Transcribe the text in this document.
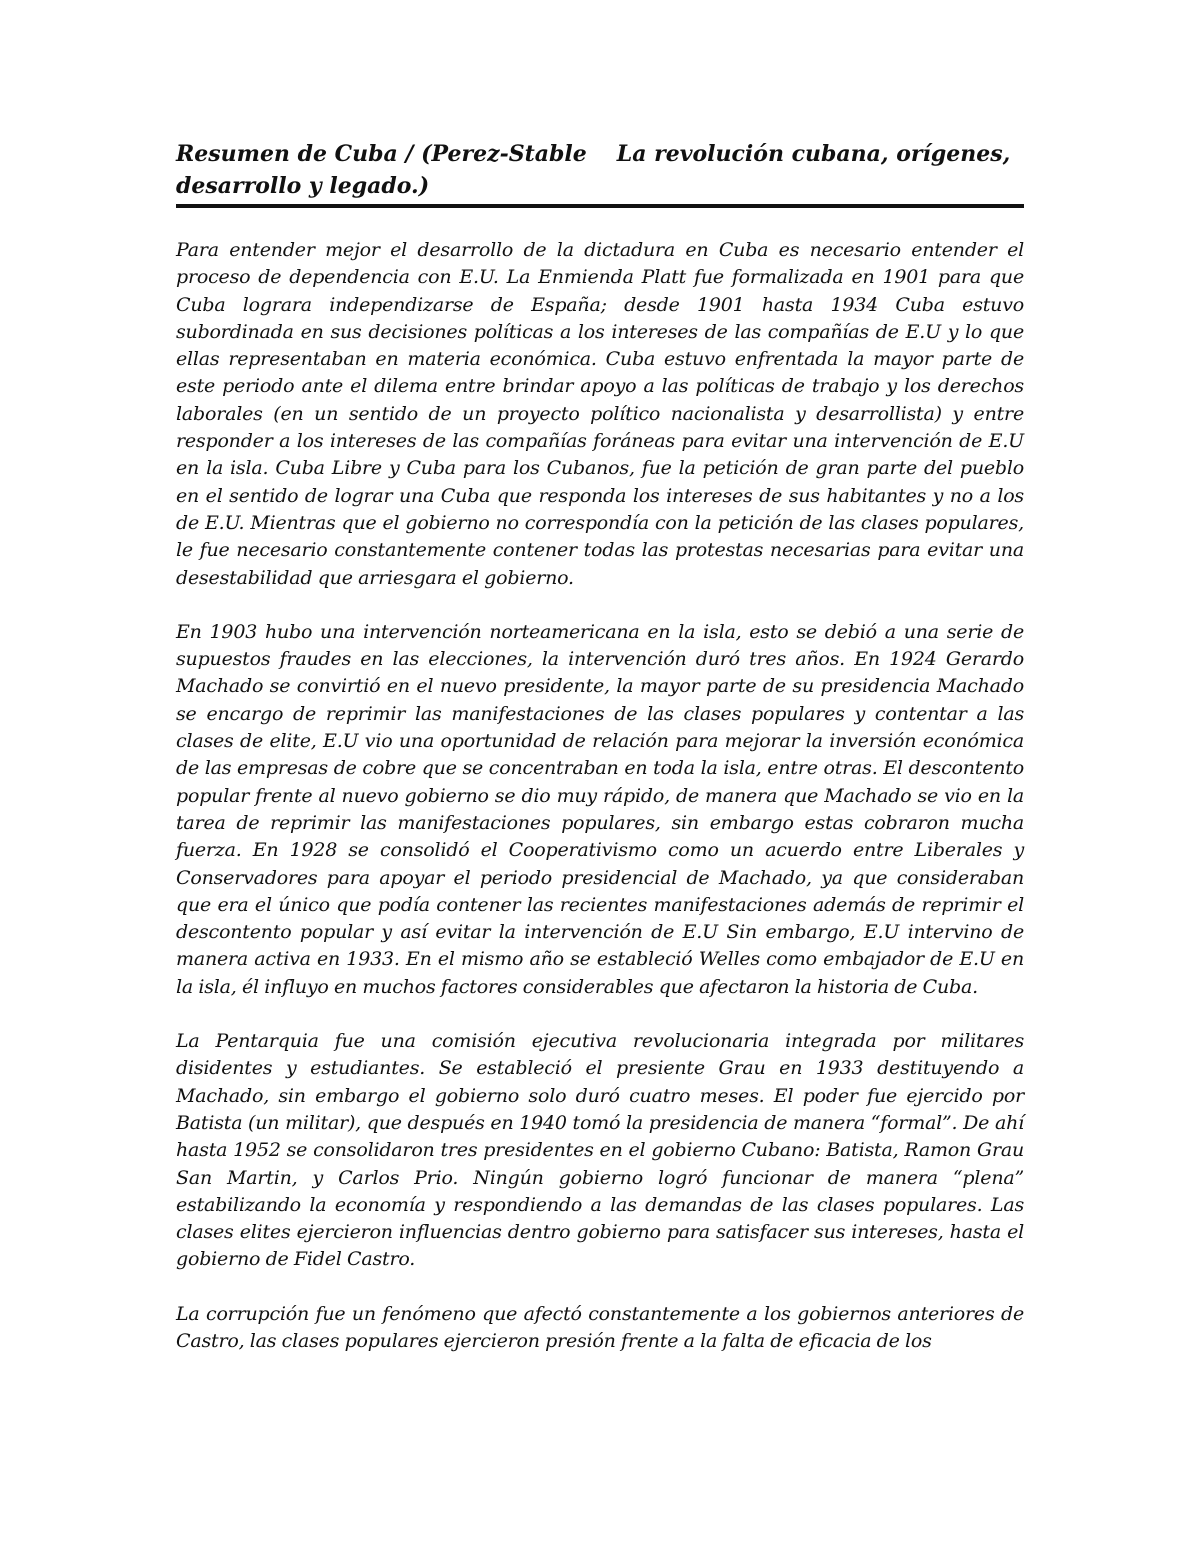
Resumen de Cuba / (Perez-Stable La revolución cubana, orígenes, desarrollo y legado.)

Para entender mejor el desarrollo de la dictadura en Cuba es necesario entender el proceso de dependencia con E.U. La Enmienda Platt fue formalizada en 1901 para que Cuba lograra independizarse de España; desde 1901 hasta 1934 Cuba estuvo subordinada en sus decisiones políticas a los intereses de las compañías de E.U y lo que ellas representaban en materia económica. Cuba estuvo enfrentada la mayor parte de este periodo ante el dilema entre brindar apoyo a las políticas de trabajo y los derechos laborales (en un sentido de un proyecto político nacionalista y desarrollista) y entre responder a los intereses de las compañías foráneas para evitar una intervención de E.U en la isla. Cuba Libre y Cuba para los Cubanos, fue la petición de gran parte del pueblo en el sentido de lograr una Cuba que responda los intereses de sus habitantes y no a los de E.U. Mientras que el gobierno no correspondía con la petición de las clases populares, le fue necesario constantemente contener todas las protestas necesarias para evitar una desestabilidad que arriesgara el gobierno.

En 1903 hubo una intervención norteamericana en la isla, esto se debió a una serie de supuestos fraudes en las elecciones, la intervención duró tres años. En 1924 Gerardo Machado se convirtió en el nuevo presidente, la mayor parte de su presidencia Machado se encargo de reprimir las manifestaciones de las clases populares y contentar a las clases de elite, E.U vio una oportunidad de relación para mejorar la inversión económica de las empresas de cobre que se concentraban en toda la isla, entre otras. El descontento popular frente al nuevo gobierno se dio muy rápido, de manera que Machado se vio en la tarea de reprimir las manifestaciones populares, sin embargo estas cobraron mucha fuerza. En 1928 se consolidó el Cooperativismo como un acuerdo entre Liberales y Conservadores para apoyar el periodo presidencial de Machado, ya que consideraban que era el único que podía contener las recientes manifestaciones además de reprimir el descontento popular y así evitar la intervención de E.U Sin embargo, E.U intervino de manera activa en 1933. En el mismo año se estableció Welles como embajador de E.U en la isla, él influyo en muchos factores considerables que afectaron la historia de Cuba.

La Pentarquia fue una comisión ejecutiva revolucionaria integrada por militares disidentes y estudiantes. Se estableció el presiente Grau en 1933 destituyendo a Machado, sin embargo el gobierno solo duró cuatro meses. El poder fue ejercido por Batista (un militar), que después en 1940 tomó la presidencia de manera “formal”. De ahí hasta 1952 se consolidaron tres presidentes en el gobierno Cubano: Batista, Ramon Grau San Martin, y Carlos Prio. Ningún gobierno logró funcionar de manera “plena” estabilizando la economía y respondiendo a las demandas de las clases populares. Las clases elites ejercieron influencias dentro gobierno para satisfacer sus intereses, hasta el gobierno de Fidel Castro.

La corrupción fue un fenómeno que afectó constantemente a los gobiernos anteriores de Castro, las clases populares ejercieron presión frente a la falta de eficacia de los
